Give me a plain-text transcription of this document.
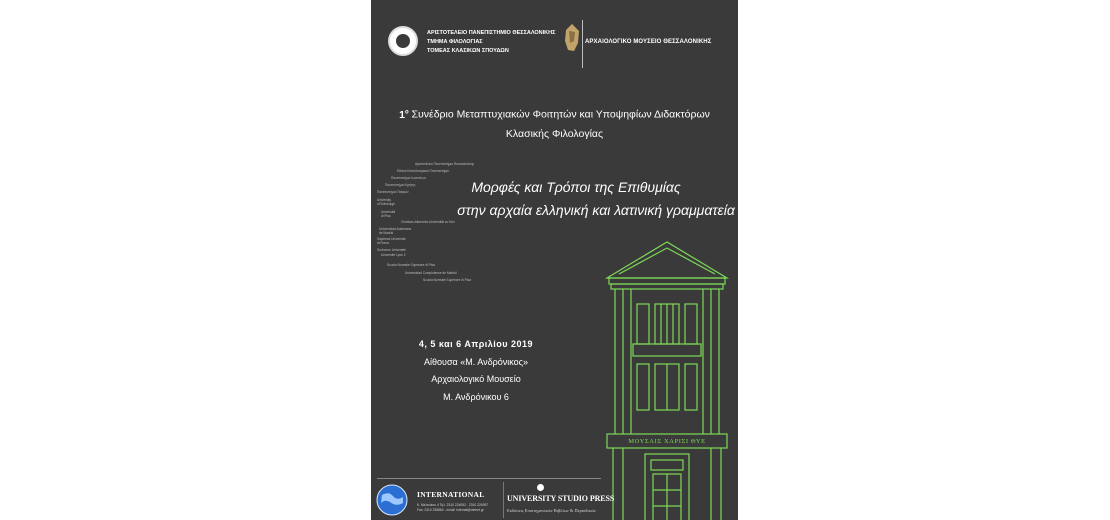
ΑΡΙΣΤΟΤΕΛΕΙΟ ΠΑΝΕΠΙΣΤΗΜΙΟ ΘΕΣΣΑΛΟΝΙΚΗΣ
ΤΜΗΜΑ ΦΙΛΟΛΟΓΙΑΣ
ΤΟΜΕΑΣ ΚΛΑΣΙΚΩΝ ΣΠΟΥΔΩΝ
ΑΡΧΑΙΟΛΟΓΙΚΟ ΜΟΥΣΕΙΟ ΘΕΣΣΑΛΟΝΙΚΗΣ
$1^o$ Συνέδριο Μεταπτυχιακών Φοιτητών και Υποψηφίων Διδακτόρων
Κλασικής Φιλολογίας
Αριστοτέλειο Πανεπιστήμιο Θεσσαλονίκης
Εθνικό Καποδιστριακό Πανεπιστήμιο
Πανεπιστήμιο Ιωαννίνων
Πανεπιστήμιο Κρήτης
Πανεπιστήμιο Πατρών
University
of Edinburgh
Università
di Pisa
Christian-Albrechts-Universität zu Kiel
Universidad Autónoma
de Madrid
Sapienza Università
di Roma
Sorbonne Université
Université Lyon 2
Scuola Normale Superiore di Pisa
Universidad Complutense de Madrid
Scuola Normale Superiore di Pisa
Μορφές και Τρόποι της Επιθυμίας
στην αρχαία ελληνική και λατινική γραμματεία
4, 5 και 6 Απριλίου 2019
Αίθουσα «Μ. Ανδρόνικος»
Αρχαιολογικό Μουσείο
Μ. Ανδρόνικου 6
ΜΟΥΣΑΙΣ ΧΑΡΙΣΙ ΘΥΕ
INTERNATIONAL
Κ. Μελενίκου 4 Τηλ. 2310 224052 - 2310 224957
Fax: 2310 238864 - email: Internat@otenet.gr
UNIVERSITY STUDIO PRESS
Εκδόσεις Επιστημονικών Βιβλίων & Περιοδικών
